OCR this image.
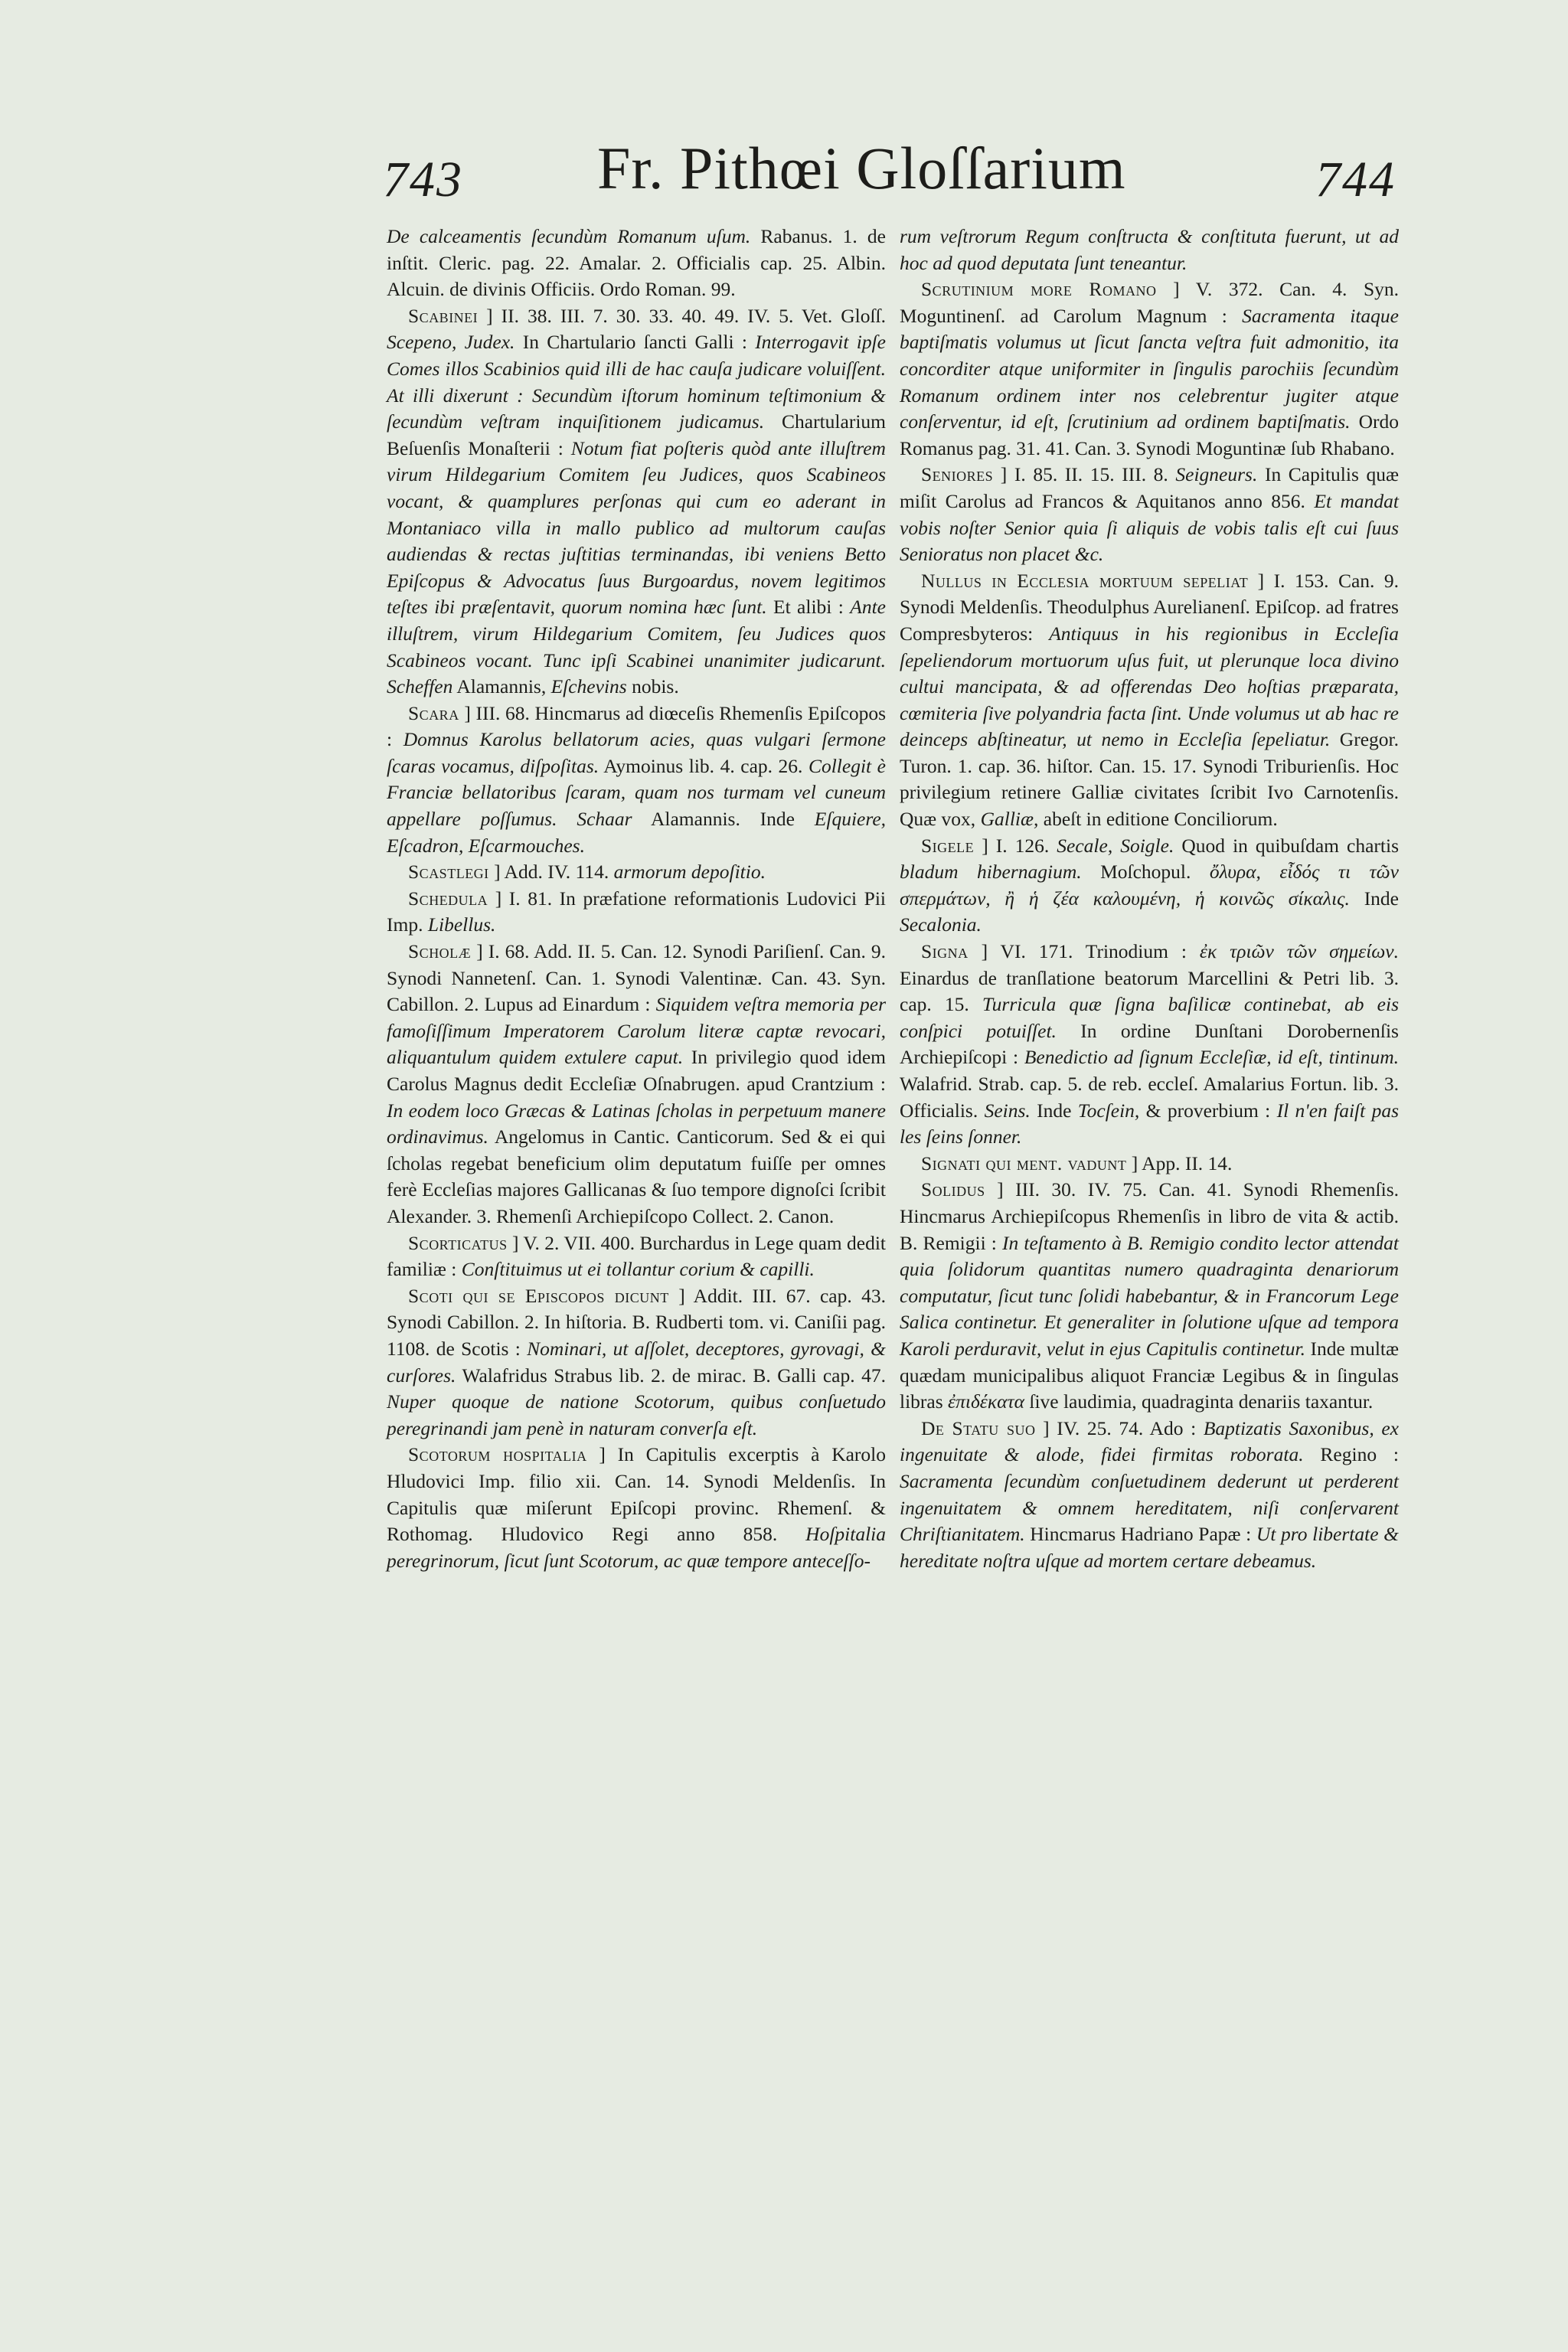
743 Fr. Pithœi Gloſſarium	744

De calceamentis ſecundùm Romanum uſum. Rabanus. 1. de inſtit. Cleric. pag. 22. Amalar. 2. Officialis cap. 25. Albin. Alcuin. de divinis Officiis. Ordo Roman. 99.

Scabinei ] II. 38. III. 7. 30. 33. 40. 49. IV. 5. Vet. Gloſſ. Scepeno, Judex. In Chartulario ſancti Galli : Interrogavit ipſe Comes illos Scabinios quid illi de hac cauſa judicare voluiſſent. At illi dixerunt : Secundùm iſtorum hominum teſtimonium & ſecundùm veſtram inquiſitionem judicamus. Chartularium Beſuenſis Monaſterii : Notum fiat poſteris quòd ante illuſtrem virum Hildegarium Comitem ſeu Judices, quos Scabineos vocant, & quamplures perſonas qui cum eo aderant in Montaniaco villa in mallo publico ad multorum cauſas audiendas & rectas juſtitias terminandas, ibi veniens Betto Epiſcopus & Advocatus ſuus Burgoardus, novem legitimos teſtes ibi præſentavit, quorum nomina hæc ſunt. Et alibi : Ante illuſtrem, virum Hildegarium Comitem, ſeu Judices quos Scabineos vocant. Tunc ipſi Scabinei unanimiter judicarunt. Scheffen Alamannis, Eſchevins nobis.

Scara ] III. 68. Hincmarus ad diœceſis Rhemenſis Epiſcopos : Domnus Karolus bellatorum acies, quas vulgari ſermone ſcaras vocamus, diſpoſitas. Aymoinus lib. 4. cap. 26. Collegit è Franciæ bellatoribus ſcaram, quam nos turmam vel cuneum appellare poſſumus. Schaar Alamannis. Inde Eſquiere, Eſcadron, Eſcarmouches.

Scastlegi ] Add. IV. 114. armorum depoſitio.

Schedula ] I. 81. In præfatione reformationis Ludovici Pii Imp. Libellus.

Scholæ ] I. 68. Add. II. 5. Can. 12. Synodi Pariſienſ. Can. 9. Synodi Nannetenſ. Can. 1. Synodi Valentinæ. Can. 43. Syn. Cabillon. 2. Lupus ad Einardum : Siquidem veſtra memoria per famoſiſſimum Imperatorem Carolum literæ captæ revocari, aliquantulum quidem extulere caput. In privilegio quod idem Carolus Magnus dedit Eccleſiæ Oſnabrugen. apud Crantzium : In eodem loco Græcas & Latinas ſcholas in perpetuum manere ordinavimus. Angelomus in Cantic. Canticorum. Sed & ei qui ſcholas regebat beneficium olim deputatum fuiſſe per omnes ferè Eccleſias majores Gallicanas & ſuo tempore dignoſci ſcribit Alexander. 3. Rhemenſi Archiepiſcopo Collect. 2. Canon.

Scorticatus ] V. 2. VII. 400. Burchardus in Lege quam dedit familiæ : Conſtituimus ut ei tollantur corium & capilli.

Scoti qui se Episcopos dicunt ] Addit. III. 67. cap. 43. Synodi Cabillon. 2. In hiſtoria. B. Rudberti tom. vi. Caniſii pag. 1108. de Scotis : Nominari, ut aſſolet, deceptores, gyrovagi, & curſores. Walafridus Strabus lib. 2. de mirac. B. Galli cap. 47. Nuper quoque de natione Scotorum, quibus conſuetudo peregrinandi jam penè in naturam converſa eſt.

Scotorum hospitalia ] In Capitulis excerptis à Karolo Hludovici Imp. filio xii. Can. 14. Synodi Meldenſis. In Capitulis quæ miſerunt Epiſcopi provinc. Rhemenſ. & Rothomag. Hludovico Regi anno 858. Hoſpitalia peregrinorum, ſicut ſunt Scotorum, ac quæ tempore anteceſſo-

rum veſtrorum Regum conſtructa & conſtituta fuerunt, ut ad hoc ad quod deputata ſunt teneantur.

Scrutinium more Romano ] V. 372. Can. 4. Syn. Moguntinenſ. ad Carolum Magnum : Sacramenta itaque baptiſmatis volumus ut ſicut ſancta veſtra fuit admonitio, ita concorditer atque uniformiter in ſingulis parochiis ſecundùm Romanum ordinem inter nos celebrentur jugiter atque conſerventur, id eſt, ſcrutinium ad ordinem baptiſmatis. Ordo Romanus pag. 31. 41. Can. 3. Synodi Moguntinæ ſub Rhabano.

Seniores ] I. 85. II. 15. III. 8. Seigneurs. In Capitulis quæ miſit Carolus ad Francos & Aquitanos anno 856. Et mandat vobis noſter Senior quia ſi aliquis de vobis talis eſt cui ſuus Senioratus non placet &c.

Nullus in Ecclesia mortuum sepeliat ] I. 153. Can. 9. Synodi Meldenſis. Theodulphus Aurelianenſ. Epiſcop. ad fratres Compresbyteros: Antiquus in his regionibus in Eccleſia ſepeliendorum mortuorum uſus fuit, ut plerunque loca divino cultui mancipata, & ad offerendas Deo hoſtias præparata, cœmiteria ſive polyandria facta ſint. Unde volumus ut ab hac re deinceps abſtineatur, ut nemo in Eccleſia ſepeliatur. Gregor. Turon. 1. cap. 36. hiſtor. Can. 15. 17. Synodi Triburienſis. Hoc privilegium retinere Galliæ civitates ſcribit Ivo Carnotenſis. Quæ vox, Galliæ, abeſt in editione Conciliorum.

Sigele ] I. 126. Secale, Soigle. Quod in quibuſdam chartis bladum hibernagium. Moſchopul. ὄλυρα, εἶδός τι τῶν σπερμάτων, ἢ ἡ ζέα καλουμένη, ἡ κοινῶς σίκαλις. Inde Secalonia.

Signa ] VI. 171. Trinodium : ἐκ τριῶν τῶν σημείων. Einardus de tranſlatione beatorum Marcellini & Petri lib. 3. cap. 15. Turricula quæ ſigna baſilicæ continebat, ab eis conſpici potuiſſet. In ordine Dunſtani Dorobernenſis Archiepiſcopi : Benedictio ad ſignum Eccleſiæ, id eſt, tintinum. Walafrid. Strab. cap. 5. de reb. eccleſ. Amalarius Fortun. lib. 3. Officialis. Seins. Inde Tocſein, & proverbium : Il n'en faiſt pas les ſeins ſonner.

Signati qui ment. vadunt ] App. II. 14.

Solidus ] III. 30. IV. 75. Can. 41. Synodi Rhemenſis. Hincmarus Archiepiſcopus Rhemenſis in libro de vita & actib. B. Remigii : In teſtamento à B. Remigio condito lector attendat quia ſolidorum quantitas numero quadraginta denariorum computatur, ſicut tunc ſolidi habebantur, & in Francorum Lege Salica continetur. Et generaliter in ſolutione uſque ad tempora Karoli perduravit, velut in ejus Capitulis continetur. Inde multæ quædam municipalibus aliquot Franciæ Legibus & in ſingulas libras ἐπιδέκατα ſive laudimia, quadraginta denariis taxantur.

De Statu suo ] IV. 25. 74. Ado : Baptizatis Saxonibus, ex ingenuitate & alode, fidei firmitas roborata. Regino : Sacramenta ſecundùm conſuetudinem dederunt ut perderent ingenuitatem & omnem hereditatem, niſi conſervarent Chriſtianitatem. Hincmarus Hadriano Papæ : Ut pro libertate & hereditate noſtra uſque ad mortem certare debeamus.
